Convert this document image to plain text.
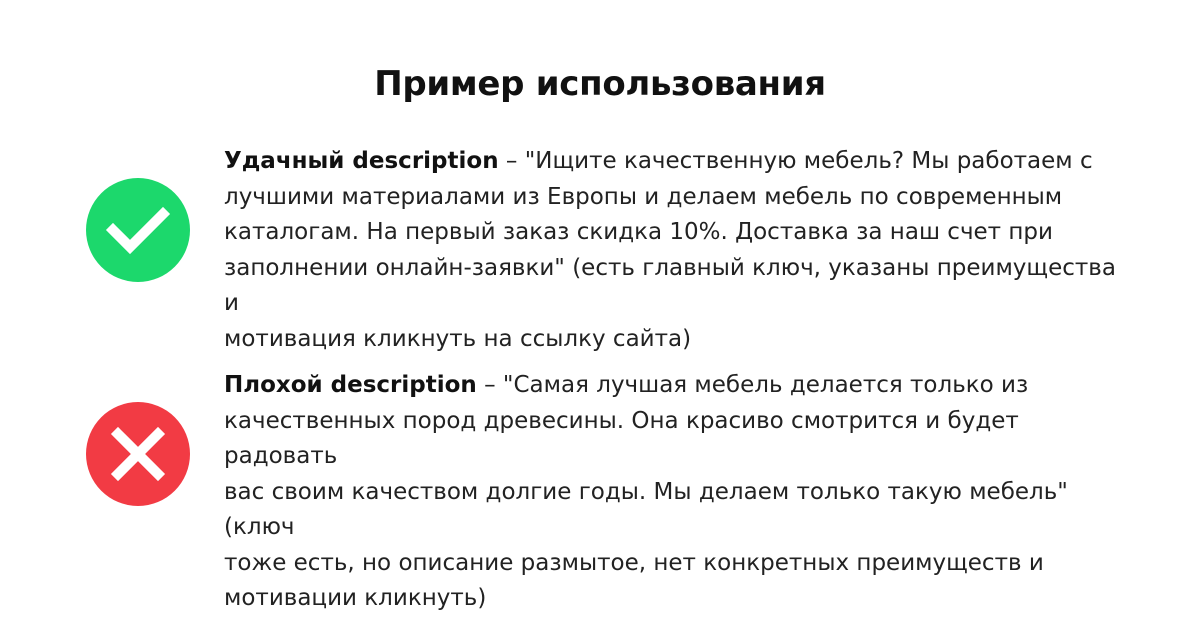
Пример использования
Удачный description – "Ищите качественную мебель? Мы работаем с
лучшими материалами из Европы и делаем мебель по современным
каталогам. На первый заказ скидка 10%. Доставка за наш счет при
заполнении онлайн-заявки" (есть главный ключ, указаны преимущества и
мотивация кликнуть на ссылку сайта)
Плохой description – "Самая лучшая мебель делается только из
качественных пород древесины. Она красиво смотрится и будет радовать
вас своим качеством долгие годы. Мы делаем только такую мебель" (ключ
тоже есть, но описание размытое, нет конкретных преимуществ и
мотивации кликнуть)
